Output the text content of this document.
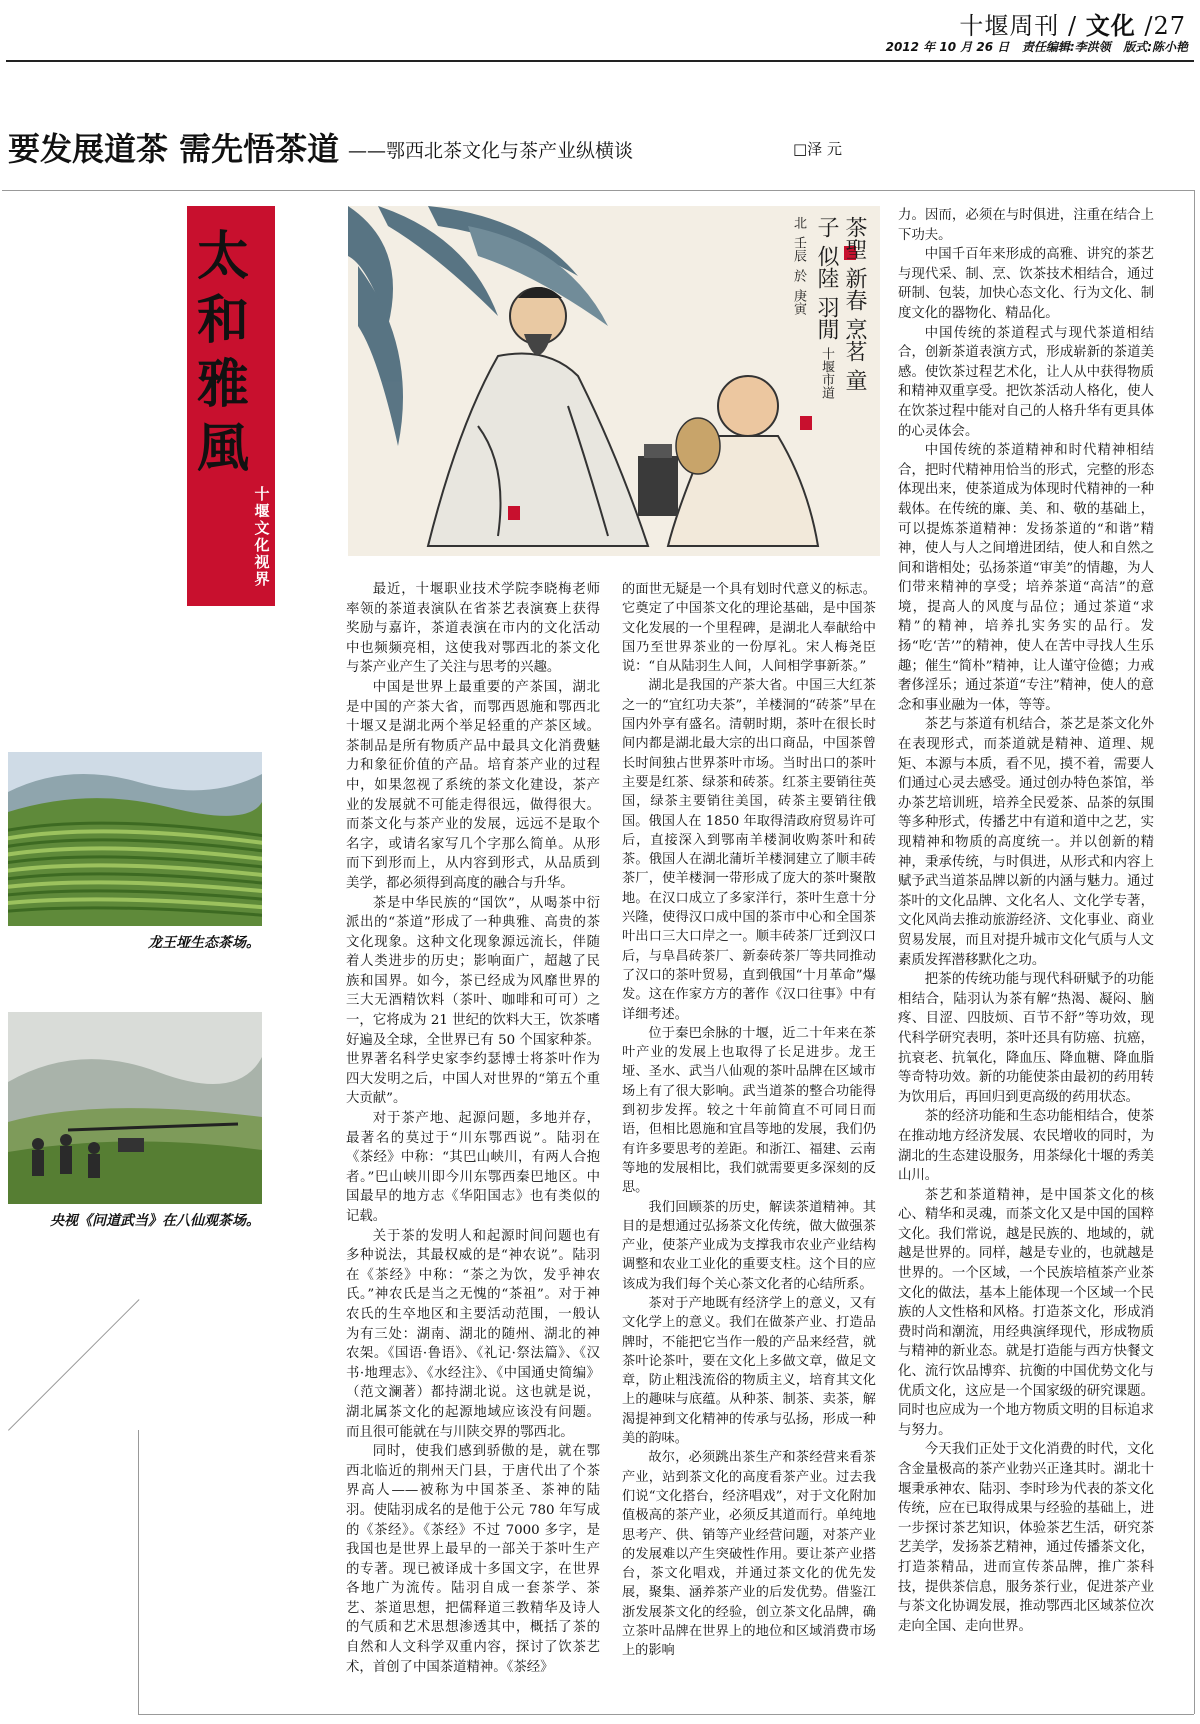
十堰周刊 / 文化 /27
2012 年 10 月 26 日 责任编辑:李洪领 版式:陈小艳
要发展道茶 需先悟茶道 ——鄂西北茶文化与茶产业纵横谈	□泽 元
太
和
雅
風
十堰文化视界
龙王垭生态茶场。
央视《问道武当》在八仙观茶场。
茶聖 新春 烹茗 童子 似陸 羽閒 十堰市道北 壬辰 於 庚寅

最近，十堰职业技术学院李晓梅老师率领的茶道表演队在省茶艺表演赛上获得奖励与嘉许，茶道表演在市内的文化活动中也频频亮相，这使我对鄂西北的茶文化与茶产业产生了关注与思考的兴趣。

中国是世界上最重要的产茶国，湖北是中国的产茶大省，而鄂西恩施和鄂西北十堰又是湖北两个举足轻重的产茶区域。茶制品是所有物质产品中最具文化消费魅力和象征价值的产品。培育茶产业的过程中，如果忽视了系统的茶文化建设，茶产业的发展就不可能走得很远，做得很大。而茶文化与茶产业的发展，远远不是取个名字，或请名家写几个字那么简单。从形而下到形而上，从内容到形式，从品质到美学，都必须得到高度的融合与升华。

茶是中华民族的“国饮”，从喝茶中衍派出的“茶道”形成了一种典雅、高贵的茶文化现象。这种文化现象源远流长，伴随着人类进步的历史；影响面广，超越了民族和国界。如今，茶已经成为风靡世界的三大无酒精饮料（茶叶、咖啡和可可）之一，它将成为 21 世纪的饮料大王，饮茶嗜好遍及全球，全世界已有 50 个国家种茶。世界著名科学史家李约瑟博士将茶叶作为四大发明之后，中国人对世界的“第五个重大贡献”。

对于茶产地、起源问题，多地并存，最著名的莫过于“川东鄂西说”。陆羽在《茶经》中称：“其巴山峡川，有两人合抱者。”巴山峡川即今川东鄂西秦巴地区。中国最早的地方志《华阳国志》也有类似的记载。

关于茶的发明人和起源时间问题也有多种说法，其最权威的是“神农说”。陆羽在《茶经》中称：“茶之为饮，发乎神农氏。”神农氏是当之无愧的“茶祖”。对于神农氏的生卒地区和主要活动范围，一般认为有三处：湖南、湖北的随州、湖北的神农架。《国语·鲁语》、《礼记·祭法篇》、《汉书·地理志》、《水经注》、《中国通史简编》（范文澜著）都持湖北说。这也就是说，湖北属茶文化的起源地域应该没有问题。而且很可能就在与川陕交界的鄂西北。

同时，使我们感到骄傲的是，就在鄂西北临近的荆州天门县，于唐代出了个茶界高人——被称为中国茶圣、茶神的陆羽。使陆羽成名的是他于公元 780 年写成的《茶经》。《茶经》不过 7000 多字，是我国也是世界上最早的一部关于茶叶生产的专著。现已被译成十多国文字，在世界各地广为流传。陆羽自成一套茶学、茶艺、茶道思想，把儒释道三教精华及诗人的气质和艺术思想渗透其中，概括了茶的自然和人文科学双重内容，探讨了饮茶艺术，首创了中国茶道精神。《茶经》

的面世无疑是一个具有划时代意义的标志。它奠定了中国茶文化的理论基础，是中国茶文化发展的一个里程碑，是湖北人奉献给中国乃至世界茶业的一份厚礼。宋人梅尧臣说：“自从陆羽生人间，人间相学事新茶。”

湖北是我国的产茶大省。中国三大红茶之一的“宜红功夫茶”，羊楼洞的“砖茶”早在国内外享有盛名。清朝时期，茶叶在很长时间内都是湖北最大宗的出口商品，中国茶曾长时间独占世界茶叶市场。当时出口的茶叶主要是红茶、绿茶和砖茶。红茶主要销往英国，绿茶主要销往美国，砖茶主要销往俄国。俄国人在 1850 年取得清政府贸易许可后，直接深入到鄂南羊楼洞收购茶叶和砖茶。俄国人在湖北蒲圻羊楼洞建立了顺丰砖茶厂，使羊楼洞一带形成了庞大的茶叶聚散地。在汉口成立了多家洋行，茶叶生意十分兴隆，使得汉口成中国的茶市中心和全国茶叶出口三大口岸之一。顺丰砖茶厂迁到汉口后，与阜昌砖茶厂、新泰砖茶厂等共同推动了汉口的茶叶贸易，直到俄国“十月革命”爆发。这在作家方方的著作《汉口往事》中有详细考述。

位于秦巴余脉的十堰，近二十年来在茶叶产业的发展上也取得了长足进步。龙王垭、圣水、武当八仙观的茶叶品牌在区域市场上有了很大影响。武当道茶的整合功能得到初步发挥。较之十年前简直不可同日而语，但相比恩施和宜昌等地的发展，我们仍有许多要思考的差距。和浙江、福建、云南等地的发展相比，我们就需要更多深刻的反思。

我们回顾茶的历史，解读茶道精神。其目的是想通过弘扬茶文化传统，做大做强茶产业，使茶产业成为支撑我市农业产业结构调整和农业工业化的重要支柱。这个目的应该成为我们每个关心茶文化者的心结所系。

茶对于产地既有经济学上的意义，又有文化学上的意义。我们在做茶产业、打造品牌时，不能把它当作一般的产品来经营，就茶叶论茶叶，要在文化上多做文章，做足文章，防止粗浅流俗的物质主义，培育其文化上的趣味与底蕴。从种茶、制茶、卖茶，解渴提神到文化精神的传承与弘扬，形成一种美的韵味。

故尔，必须跳出茶生产和茶经营来看茶产业，站到茶文化的高度看茶产业。过去我们说“文化搭台，经济唱戏”，对于文化附加值极高的茶产业，必须反其道而行。单纯地思考产、供、销等产业经营问题，对茶产业的发展难以产生突破性作用。要让茶产业搭台，茶文化唱戏，并通过茶文化的优先发展，聚集、涵养茶产业的后发优势。借鉴江浙发展茶文化的经验，创立茶文化品牌，确立茶叶品牌在世界上的地位和区域消费市场上的影响

力。因而，必须在与时俱进，注重在结合上下功夫。

中国千百年来形成的高雅、讲究的茶艺与现代采、制、烹、饮茶技术相结合，通过研制、包装，加快心态文化、行为文化、制度文化的器物化、精品化。

中国传统的茶道程式与现代茶道相结合，创新茶道表演方式，形成崭新的茶道美感。使饮茶过程艺术化，让人从中获得物质和精神双重享受。把饮茶活动人格化，使人在饮茶过程中能对自己的人格升华有更具体的心灵体会。

中国传统的茶道精神和时代精神相结合，把时代精神用恰当的形式，完整的形态体现出来，使茶道成为体现时代精神的一种载体。在传统的廉、美、和、敬的基础上，可以提炼茶道精神：发扬茶道的“和谐”精神，使人与人之间增进团结，使人和自然之间和谐相处；弘扬茶道“审美”的情趣，为人们带来精神的享受；培养茶道“高洁”的意境，提高人的风度与品位；通过茶道“求精”的精神，培养扎实务实的品行。发扬“吃‘苦’”的精神，使人在苦中寻找人生乐趣；催生“简朴”精神，让人谨守俭德；力戒奢侈淫乐；通过茶道“专注”精神，使人的意念和事业融为一体，等等。

茶艺与茶道有机结合，茶艺是茶文化外在表现形式，而茶道就是精神、道理、规矩、本源与本质，看不见，摸不着，需要人们通过心灵去感受。通过创办特色茶馆，举办茶艺培训班，培养全民爱茶、品茶的氛围等多种形式，传播艺中有道和道中之艺，实现精神和物质的高度统一。并以创新的精神，秉承传统，与时俱进，从形式和内容上赋予武当道茶品牌以新的内涵与魅力。通过茶叶的文化品牌、文化名人、文化学专著，文化风尚去推动旅游经济、文化事业、商业贸易发展，而且对提升城市文化气质与人文素质发挥潜移默化之功。

把茶的传统功能与现代科研赋予的功能相结合，陆羽认为茶有解“热渴、凝闷、脑疼、目涩、四肢烦、百节不舒”等功效，现代科学研究表明，茶叶还具有防癌、抗癌，抗衰老、抗氧化，降血压、降血糖、降血脂等奇特功效。新的功能使茶由最初的药用转为饮用后，再回归到更高级的药用状态。

茶的经济功能和生态功能相结合，使茶在推动地方经济发展、农民增收的同时，为湖北的生态建设服务，用茶绿化十堰的秀美山川。

茶艺和茶道精神，是中国茶文化的核心、精华和灵魂，而茶文化又是中国的国粹文化。我们常说，越是民族的、地域的，就越是世界的。同样，越是专业的，也就越是世界的。一个区域，一个民族培植茶产业茶文化的做法，基本上能体现一个区域一个民族的人文性格和风格。打造茶文化，形成消费时尚和潮流，用经典演绎现代，形成物质与精神的新业态。就是打造能与西方快餐文化、流行饮品博弈、抗衡的中国优势文化与优质文化，这应是一个国家级的研究课题。同时也应成为一个地方物质文明的目标追求与努力。

今天我们正处于文化消费的时代，文化含金量极高的茶产业勃兴正逢其时。湖北十堰秉承神农、陆羽、李时珍为代表的茶文化传统，应在已取得成果与经验的基础上，进一步探讨茶艺知识，体验茶艺生活，研究茶艺美学，发扬茶艺精神，通过传播茶文化，打造茶精品，进而宣传茶品牌，推广茶科技，提供茶信息，服务茶行业，促进茶产业与茶文化协调发展，推动鄂西北区域茶位次走向全国、走向世界。
